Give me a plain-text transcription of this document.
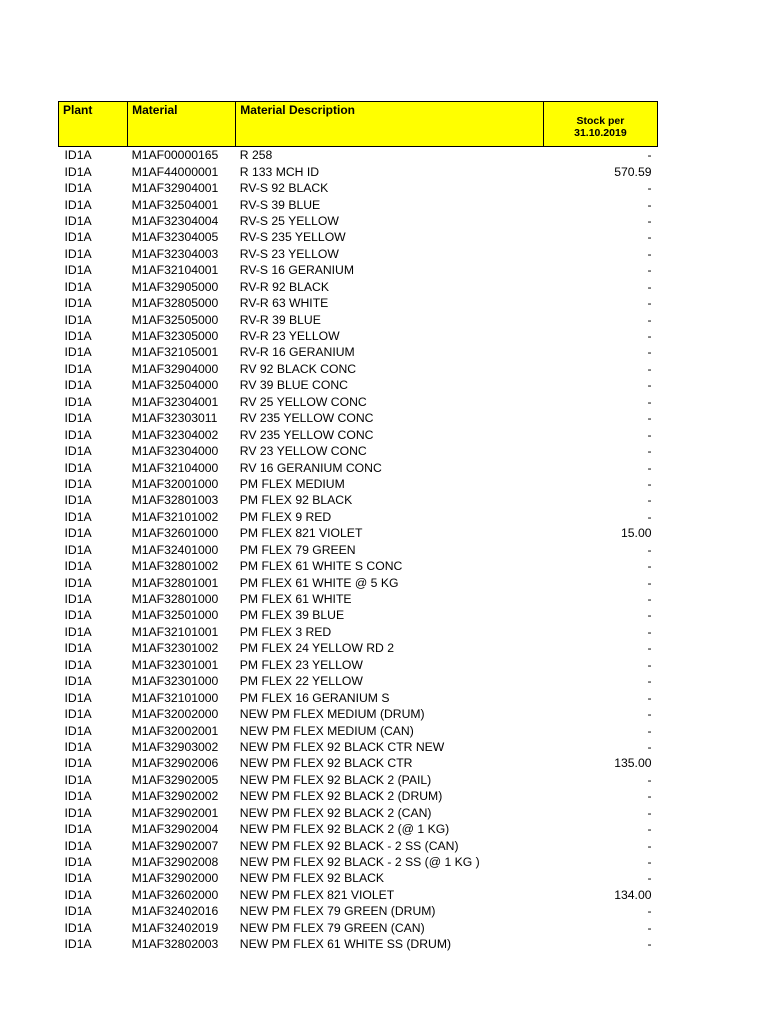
Plant	Material	Material Description	Stock per
31.10.2019
ID1A	M1AF00000165	R 258	-
ID1A	M1AF44000001	R 133 MCH ID	570.59
ID1A	M1AF32904001	RV-S 92 BLACK	-
ID1A	M1AF32504001	RV-S 39 BLUE	-
ID1A	M1AF32304004	RV-S 25 YELLOW	-
ID1A	M1AF32304005	RV-S 235 YELLOW	-
ID1A	M1AF32304003	RV-S 23 YELLOW	-
ID1A	M1AF32104001	RV-S 16 GERANIUM	-
ID1A	M1AF32905000	RV-R 92 BLACK	-
ID1A	M1AF32805000	RV-R 63 WHITE	-
ID1A	M1AF32505000	RV-R 39 BLUE	-
ID1A	M1AF32305000	RV-R 23 YELLOW	-
ID1A	M1AF32105001	RV-R 16 GERANIUM	-
ID1A	M1AF32904000	RV 92 BLACK CONC	-
ID1A	M1AF32504000	RV 39 BLUE CONC	-
ID1A	M1AF32304001	RV 25 YELLOW CONC	-
ID1A	M1AF32303011	RV 235 YELLOW CONC	-
ID1A	M1AF32304002	RV 235 YELLOW CONC	-
ID1A	M1AF32304000	RV 23 YELLOW CONC	-
ID1A	M1AF32104000	RV 16 GERANIUM CONC	-
ID1A	M1AF32001000	PM FLEX MEDIUM	-
ID1A	M1AF32801003	PM FLEX 92 BLACK	-
ID1A	M1AF32101002	PM FLEX 9 RED	-
ID1A	M1AF32601000	PM FLEX 821 VIOLET	15.00
ID1A	M1AF32401000	PM FLEX 79 GREEN	-
ID1A	M1AF32801002	PM FLEX 61 WHITE S CONC	-
ID1A	M1AF32801001	PM FLEX 61 WHITE @ 5 KG	-
ID1A	M1AF32801000	PM FLEX 61 WHITE	-
ID1A	M1AF32501000	PM FLEX 39 BLUE	-
ID1A	M1AF32101001	PM FLEX 3 RED	-
ID1A	M1AF32301002	PM FLEX 24 YELLOW RD 2	-
ID1A	M1AF32301001	PM FLEX 23 YELLOW	-
ID1A	M1AF32301000	PM FLEX 22 YELLOW	-
ID1A	M1AF32101000	PM FLEX 16 GERANIUM S	-
ID1A	M1AF32002000	NEW PM FLEX MEDIUM (DRUM)	-
ID1A	M1AF32002001	NEW PM FLEX MEDIUM (CAN)	-
ID1A	M1AF32903002	NEW PM FLEX 92 BLACK CTR NEW	-
ID1A	M1AF32902006	NEW PM FLEX 92 BLACK CTR	135.00
ID1A	M1AF32902005	NEW PM FLEX 92 BLACK 2 (PAIL)	-
ID1A	M1AF32902002	NEW PM FLEX 92 BLACK 2 (DRUM)	-
ID1A	M1AF32902001	NEW PM FLEX 92 BLACK 2 (CAN)	-
ID1A	M1AF32902004	NEW PM FLEX 92 BLACK 2 (@ 1 KG)	-
ID1A	M1AF32902007	NEW PM FLEX 92 BLACK - 2 SS (CAN)	-
ID1A	M1AF32902008	NEW PM FLEX 92 BLACK - 2 SS (@ 1 KG )	-
ID1A	M1AF32902000	NEW PM FLEX 92 BLACK	-
ID1A	M1AF32602000	NEW PM FLEX 821 VIOLET	134.00
ID1A	M1AF32402016	NEW PM FLEX 79 GREEN (DRUM)	-
ID1A	M1AF32402019	NEW PM FLEX 79 GREEN (CAN)	-
ID1A	M1AF32802003	NEW PM FLEX 61 WHITE SS (DRUM)	-
